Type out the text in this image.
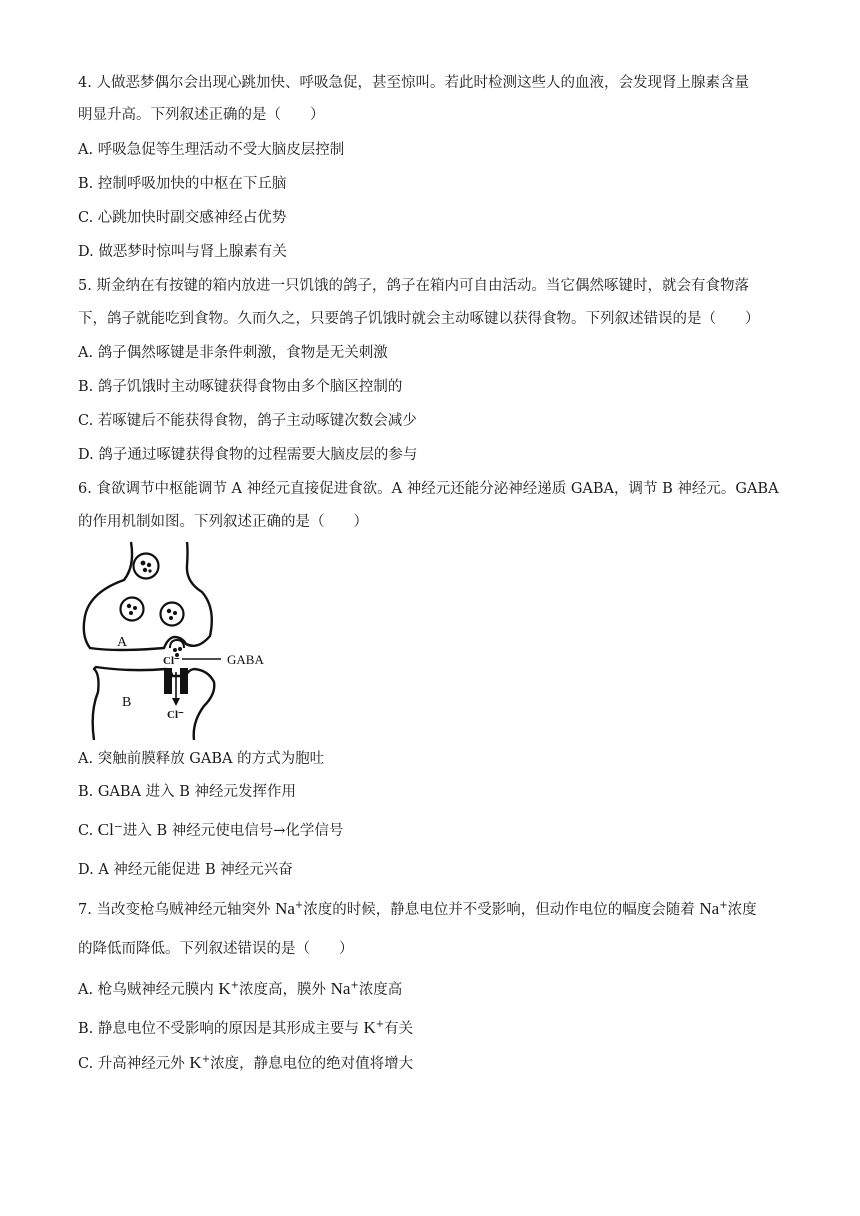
4. 人做恶梦偶尔会出现心跳加快、呼吸急促，甚至惊叫。若此时检测这些人的血液，会发现肾上腺素含量
明显升高。下列叙述正确的是（　　）
A. 呼吸急促等生理活动不受大脑皮层控制
B. 控制呼吸加快的中枢在下丘脑
C. 心跳加快时副交感神经占优势
D. 做恶梦时惊叫与肾上腺素有关
5. 斯金纳在有按键的箱内放进一只饥饿的鸽子，鸽子在箱内可自由活动。当它偶然啄键时，就会有食物落
下，鸽子就能吃到食物。久而久之，只要鸽子饥饿时就会主动啄键以获得食物。下列叙述错误的是（　　）
A. 鸽子偶然啄键是非条件刺激，食物是无关刺激
B. 鸽子饥饿时主动啄键获得食物由多个脑区控制的
C. 若啄键后不能获得食物，鸽子主动啄键次数会减少
D. 鸽子通过啄键获得食物的过程需要大脑皮层的参与
6. 食欲调节中枢能调节 A 神经元直接促进食欲。A 神经元还能分泌神经递质 GABA，调节 B 神经元。GABA
的作用机制如图。下列叙述正确的是（　　）
A
GABA
Cl⁻
Cl⁻
B
A. 突触前膜释放 GABA 的方式为胞吐
B. GABA 进入 B 神经元发挥作用
C. Cl⁻进入 B 神经元使电信号→化学信号
D. A 神经元能促进 B 神经元兴奋
7. 当改变枪乌贼神经元轴突外 Na+浓度的时候，静息电位并不受影响，但动作电位的幅度会随着 Na+浓度
的降低而降低。下列叙述错误的是（　　）
A. 枪乌贼神经元膜内 K+浓度高，膜外 Na+浓度高
B. 静息电位不受影响的原因是其形成主要与 K+有关
C. 升高神经元外 K+浓度，静息电位的绝对值将增大
